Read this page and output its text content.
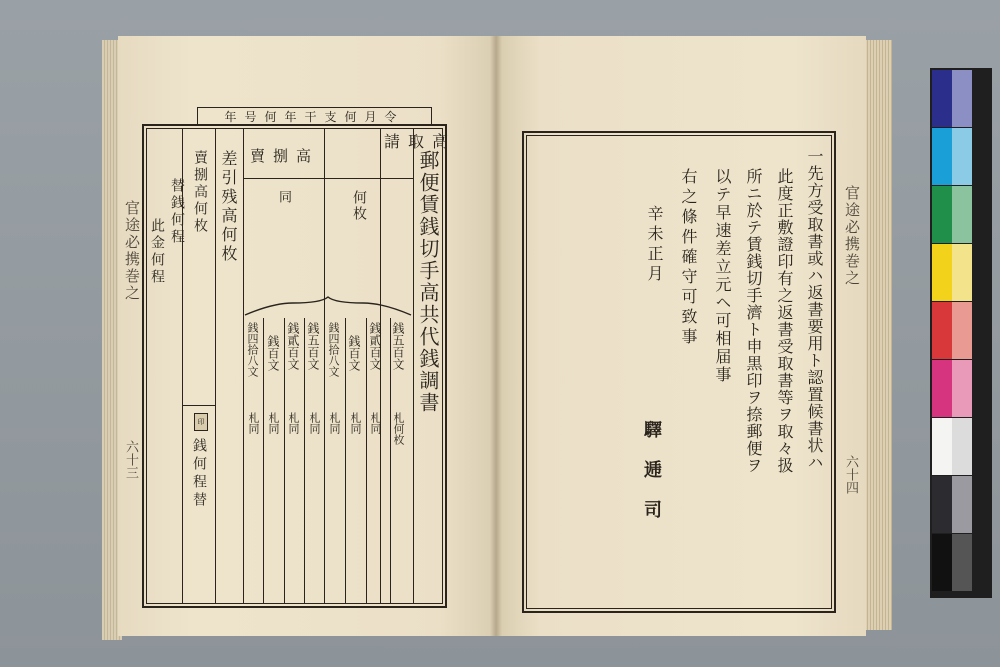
年号何年干支何月令
郵便賃銭切手高共代銭調書
請取高
何枚
賣捌高
同
銭五百文
銭貳百文
銭百文
銭四拾八文
銭五百文
銭貳百文
銭百文
銭四拾八文
札何枚
札同
札同
札同
札同
札同
札同
札同
差引残高何枚
賣捌高何枚
替銭何程
此金何程
印
銭何程替
官途必携巻之
六十三	一先方受取書或ハ返書要用ト認置候書状ハ
此度正敷證印有之返書受取書等ヲ取々扱
所ニ於テ賃銭切手濟ト申黒印ヲ捺郵便ヲ
以テ早速差立元ヘ可相届事
右之條件確守可致事
辛未正月
驛逓司
官途必携巻之
六十四
